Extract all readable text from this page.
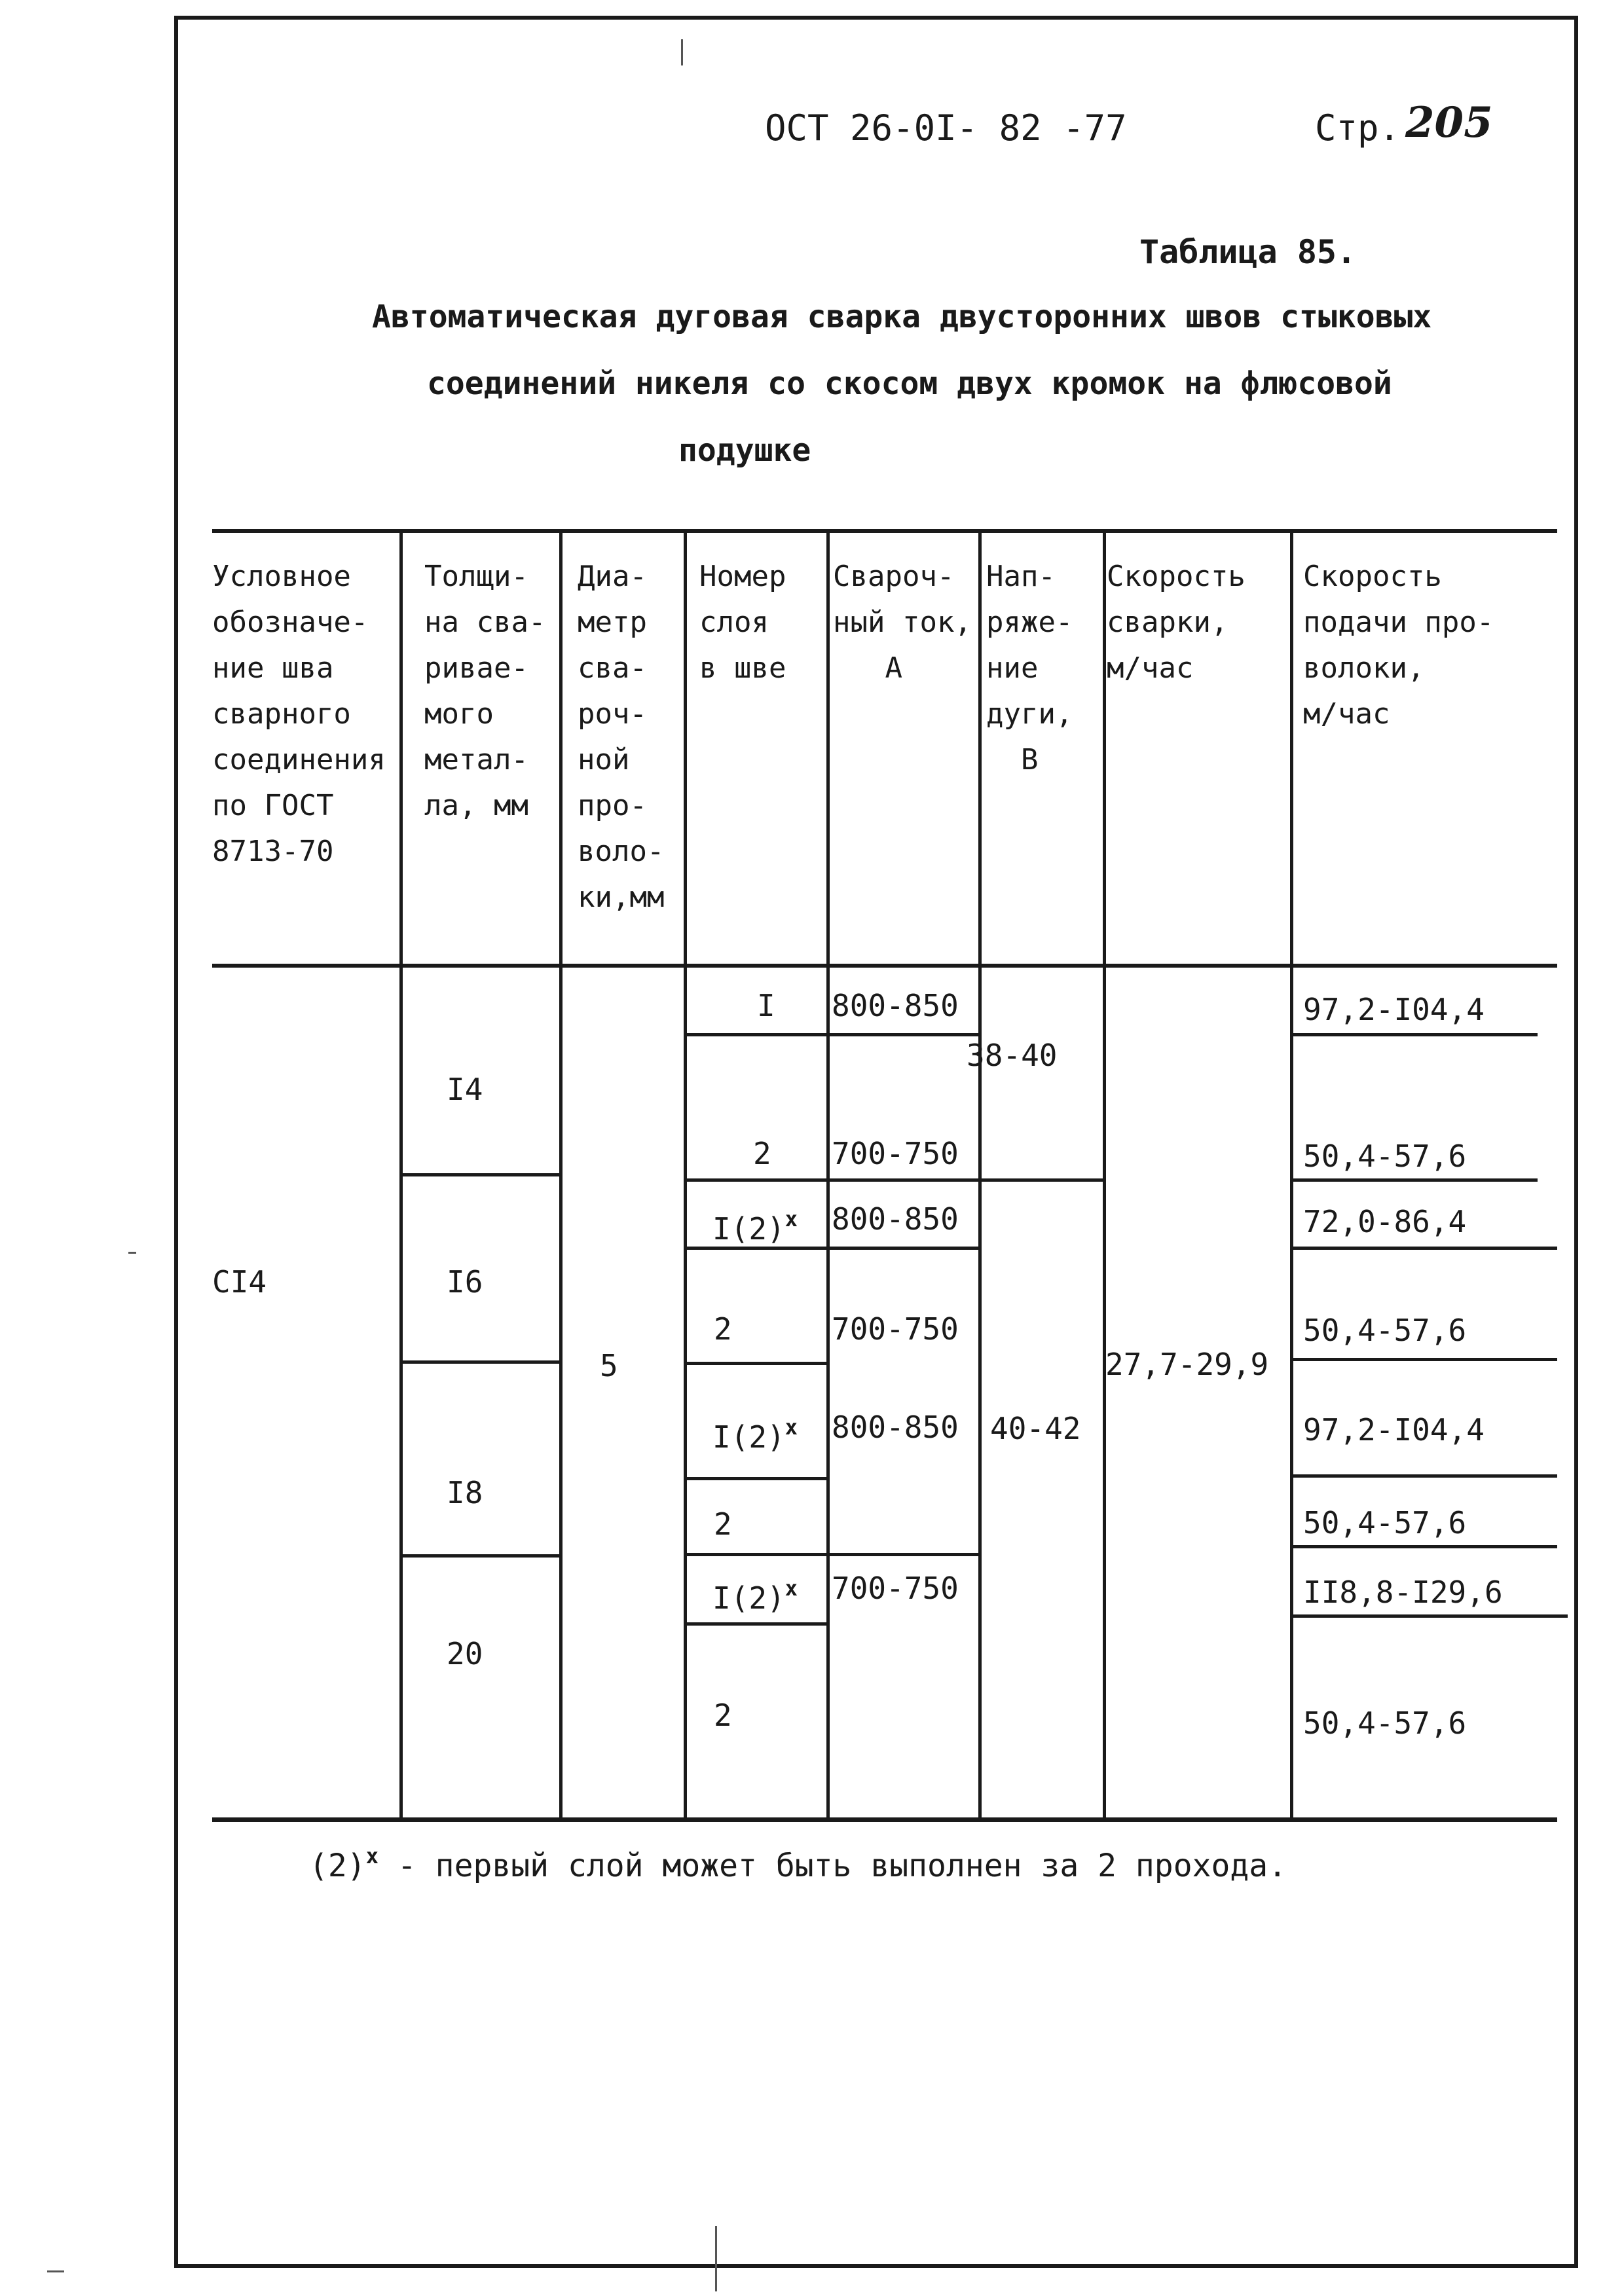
ОСТ 26-0I- 82 -77	Стр. 205
Таблица 85.
Автоматическая дуговая сварка двусторонних швов стыковых
соединений никеля со скосом двух кромок на флюсовой
подушке
Условное
обозначе-
ние шва
сварного
соединения
по ГОСТ
8713-70
Толщи-
на сва-
риваe-
мого
метал-
ла, мм
Диа-
метр
сва-
роч-
ной
про-
воло-
ки,мм
Номер
слоя
в шве
Свароч-
ный ток,
А
Нап-
ряже-
ние
дуги,
В
Скорость
сварки,
м/час
Скорость
подачи про-
волоки,
м/час
CI4
5	27,7-29,9
I4
I6
I8
20
I
2
$I(2)^x$
2
$I(2)^x$
2
$I(2)^x$
2
800-850
700-750
800-850
700-750
800-850
700-750
38-40
40-42
97,2-I04,4
50,4-57,6
72,0-86,4
50,4-57,6
97,2-I04,4
50,4-57,6
II8,8-I29,6
50,4-57,6
$(2)^x$ - первый слой может быть выполнен за 2 прохода.
